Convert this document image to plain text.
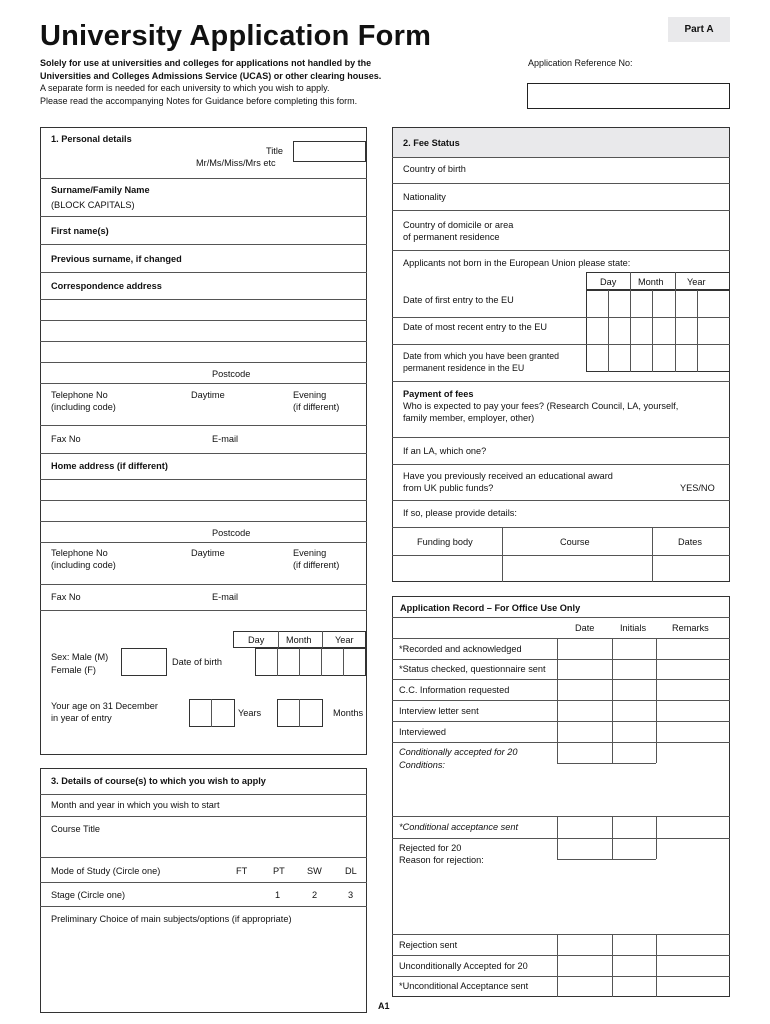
University Application Form	Part A
Solely for use at universities and colleges for applications not handled by the
Universities and Colleges Admissions Service (UCAS) or other clearing houses.
A separate form is needed for each university to which you wish to apply.
Please read the accompanying Notes for Guidance before completing this form.
Application Reference No:
1. Personal details
Title
Mr/Ms/Miss/Mrs etc
Surname/Family Name
(BLOCK CAPITALS)
First name(s)
Previous surname, if changed
Correspondence address
Postcode
Telephone No
(including code)
Daytime	Evening
(if different)
Fax No	E-mail
Home address (if different)
Postcode
Telephone No
(including code)
Daytime	Evening
(if different)
Fax No	E-mail
Sex: Male (M)
Female (F)
Date of birth
Day Month	Year
Your age on 31 December
in year of entry	Years	Months
3. Details of course(s) to which you wish to apply
Month and year in which you wish to start
Course Title
Mode of Study (Circle one)	FT	PT SW	DL
Stage (Circle one)	1	2	3
Preliminary Choice of main subjects/options (if appropriate)
2. Fee Status
Country of birth
Nationality
Country of domicile or area
of permanent residence
Applicants not born in the European Union please state:
Day Month	Year
Date of first entry to the EU
Date of most recent entry to the EU
Date from which you have been granted
permanent residence in the EU
Payment of fees
Who is expected to pay your fees? (Research Council, LA, yourself,
family member, employer, other)
If an LA, which one?
Have you previously received an educational award
from UK public funds?	YES/NO
If so, please provide details:
Funding body	Course	Dates
Application Record – For Office Use Only
Date	Initials	Remarks
*Recorded and acknowledged
*Status checked, questionnaire sent
C.C. Information requested
Interview letter sent
Interviewed
Conditionally accepted for 20
Conditions:
*Conditional acceptance sent
Rejected for 20
Reason for rejection:
Rejection sent
Unconditionally Accepted for 20
*Unconditional Acceptance sent
A1
